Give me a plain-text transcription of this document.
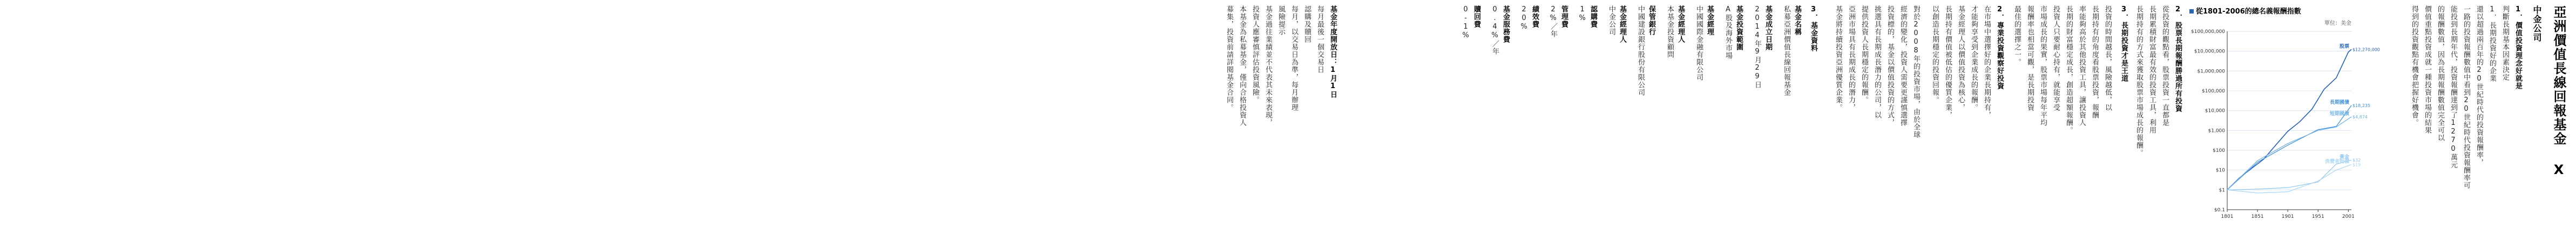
亞洲價值長線回報基金 X
中金公司
1．價值投資理念好就是
判斷長期基本因素決定
1．長期投資好的企業
還以超過兩百年的20世紀時代的投資報酬率，
一路的投資報酬數值中看到20世紀時代投資報酬率可
能投到長期年代，投資報酬達到了1270萬元
的報酬數值，因為長期報酬數值完全可以
價值重點投資成就一種投資市場的結果
得到的投資觀點有機會把握好機會。
從1801-2006的總名義報酬指數
單位：美金
$100,000,000
$10,000,000
$1,000,000
$100,000
$10,000
$1,000
$100
$10
$1
$0.1
1801	1851	1901	1951	2001
股票
$12,270,000
長期國債
$18,235
短期國債
$4,874
黃金
$32
消費者物價
$19
2．股票長期報酬勝過所有投資
從投資的觀點看，股票投資一直都是
長期累積財富最有效的投資工具，利用
長期持有的方式來獲取股票市場成長的報酬。
3．長期投資才是王道
投資的時間越長，風險越低，以
長期持有的角度看股票投資，報酬
率能夠高於其他投資工具，讓投資人
長期的財富穩定成長，創造超額報酬。
投資人只要耐心持有，就能享受
市場成長的果實，股票市場每年平均
報酬率也相當可觀，是長期投資
最佳的選擇之一。
2．專業投資觀察好投資
在市場中選擇好的企業長期持有，
才能夠享受到企業成長的報酬。
基金經理人以價值投資為核心，
長期持有價值被低估的優質企業，
以創造長期穩定的投資回報。
對於2008年的投資市場，由於全球
經濟的變化，投資人需要更謹慎選擇
投資標的，基金以價值投資的方式，
挑選具有長期成長潛力的公司，以
提供投資人長期穩定的報酬。
亞洲市場具有長期成長的潛力，
基金將持續投資亞洲優質企業。
3．基金資料
基金名稱
私募亞洲價值長線回報基金
基金成立日期
2014年9月29日
基金投資範圍
A股及海外市場
基金經理
中國國際金融有限公司
基金經理人
本基金投資顧問
保管銀行
中國建設銀行股份有限公司
基金經理人
中金公司
認購費
1%
管理費
2%／年
績效費
20%
基金服務費
0.4%／年
贖回費
0-1%
基金年度開放日：1月1日
每月最後一個交易日
認購及贖回
每月，以交易日為準，每月辦理
風險提示
基金過往業績並不代表其未來表現，
投資人應審慎評估投資風險。
本基金為私募基金，僅向合格投資人
募集，投資前請詳閱基金合同。
